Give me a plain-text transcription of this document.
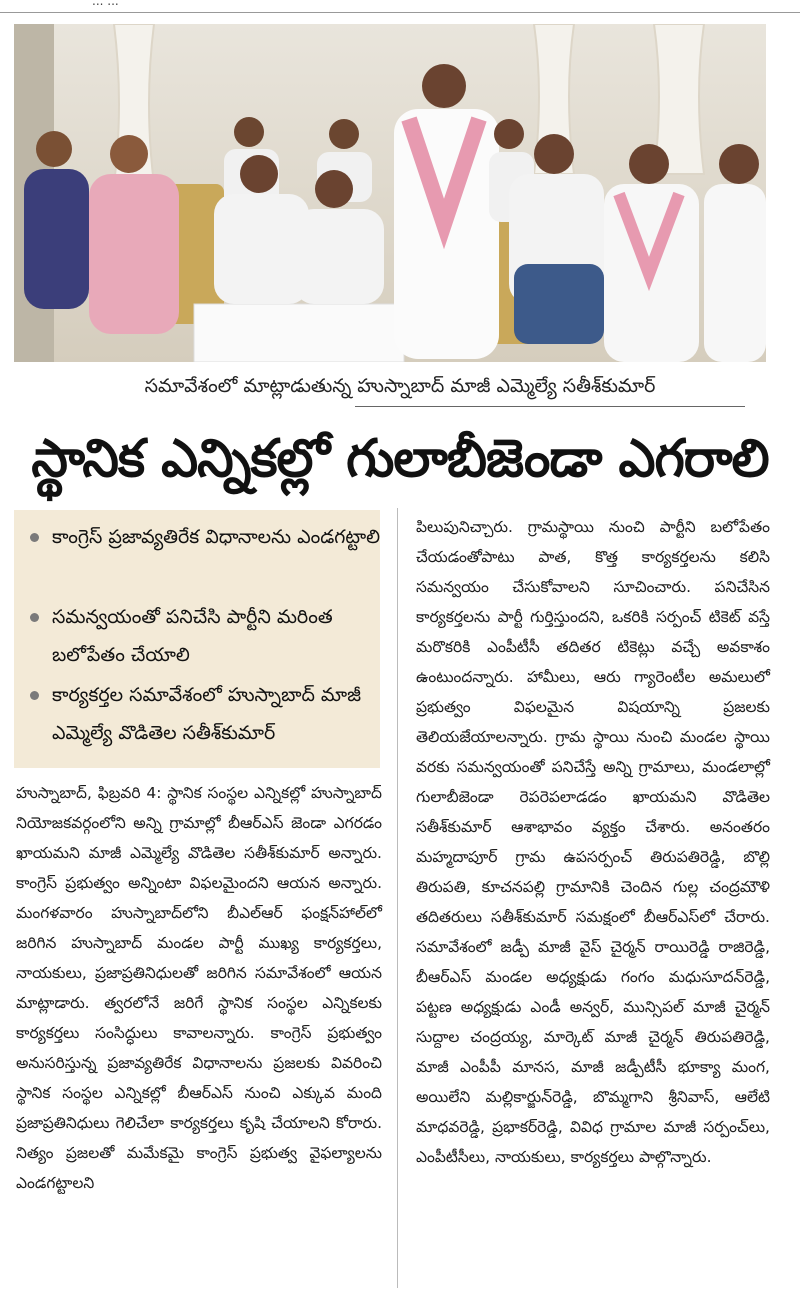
... ...
సమావేశంలో మాట్లాడుతున్న హుస్నాబాద్ మాజీ ఎమ్మెల్యే సతీశ్‌కుమార్
స్థానిక ఎన్నికల్లో గులాబీజెండా ఎగరాలి
కాంగ్రెస్ ప్రజావ్యతిరేక విధానాలను ఎండగట్టాలి
సమన్వయంతో పనిచేసి పార్టీని మరింత బలోపేతం చేయాలి
కార్యకర్తల సమావేశంలో హుస్నాబాద్ మాజీ ఎమ్మెల్యే వొడితెల సతీశ్‌కుమార్

హుస్నాబాద్, ఫిబ్రవరి 4: స్థానిక సంస్థల ఎన్నికల్లో హుస్నాబాద్ నియోజకవర్గంలోని అన్ని గ్రామాల్లో బీఆర్‌ఎస్ జెండా ఎగరడం ఖాయమని మాజీ ఎమ్మెల్యే వొడితెల సతీశ్‌కుమార్ అన్నారు. కాంగ్రెస్ ప్రభుత్వం అన్నింటా విఫలమైందని ఆయన అన్నారు. మంగళవారం హుస్నాబాద్‌లోని బీఎల్‌ఆర్ ఫంక్షన్‌హాల్‌లో జరిగిన హుస్నాబాద్ మండల పార్టీ ముఖ్య కార్యకర్తలు, నాయకులు, ప్రజాప్రతినిధులతో జరిగిన సమావేశంలో ఆయన మాట్లాడారు. త్వరలోనే జరిగే స్థానిక సంస్థల ఎన్నికలకు కార్యకర్తలు సంసిద్ధులు కావాలన్నారు. కాంగ్రెస్ ప్రభుత్వం అనుసరిస్తున్న ప్రజావ్యతిరేక విధానాలను ప్రజలకు వివరించి స్థానిక సంస్థల ఎన్నికల్లో బీఆర్‌ఎస్ నుంచి ఎక్కువ మంది ప్రజాప్రతినిధులు గెలిచేలా కార్యకర్తలు కృషి చేయాలని కోరారు. నిత్యం ప్రజలతో మమేకమై కాంగ్రెస్ ప్రభుత్వ వైఫల్యాలను ఎండగట్టాలని

పిలుపునిచ్చారు. గ్రామస్థాయి నుంచి పార్టీని బలోపేతం చేయడంతోపాటు పాత, కొత్త కార్యకర్తలను కలిసి సమన్వయం చేసుకోవాలని సూచించారు. పనిచేసిన కార్యకర్తలను పార్టీ గుర్తిస్తుందని, ఒకరికి సర్పంచ్ టికెట్ వస్తే మరొకరికి ఎంపీటీసీ తదితర టికెట్లు వచ్చే అవకాశం ఉంటుందన్నారు. హామీలు, ఆరు గ్యారెంటీల అమలులో ప్రభుత్వం విఫలమైన విషయాన్ని ప్రజలకు తెలియజేయాలన్నారు. గ్రామ స్థాయి నుంచి మండల స్థాయి వరకు సమన్వయంతో పనిచేస్తే అన్ని గ్రామాలు, మండలాల్లో గులాబీజెండా రెపరెపలాడడం ఖాయమని వొడితెల సతీశ్‌కుమార్ ఆశాభావం వ్యక్తం చేశారు. అనంతరం మహ్మదాపూర్ గ్రామ ఉపసర్పంచ్ తిరుపతిరెడ్డి, బొల్లి తిరుపతి, కూచనపల్లి గ్రామానికి చెందిన గుల్ల చంద్రమౌళి తదితరులు సతీశ్‌కుమార్ సమక్షంలో బీఆర్‌ఎస్‌లో చేరారు. సమావేశంలో జడ్పీ మాజీ వైస్ చైర్మన్ రాయిరెడ్డి రాజిరెడ్డి, బీఆర్‌ఎస్ మండల అధ్యక్షుడు గంగం మధుసూదన్‌రెడ్డి, పట్టణ అధ్యక్షుడు ఎండీ అన్వర్, మున్సిపల్ మాజీ చైర్మన్ సుద్దాల చంద్రయ్య, మార్కెట్ మాజీ చైర్మన్ తిరుపతిరెడ్డి, మాజీ ఎంపీపీ మానస, మాజీ జడ్పీటీసీ భూక్యా మంగ, అయిలేని మల్లికార్జున్‌రెడ్డి, బొమ్మగాని శ్రీనివాస్, ఆలేటి మాధవరెడ్డి, ప్రభాకర్‌రెడ్డి, వివిధ గ్రామాల మాజీ సర్పంచ్‌లు, ఎంపీటీసీలు, నాయకులు, కార్యకర్తలు పాల్గొన్నారు.
